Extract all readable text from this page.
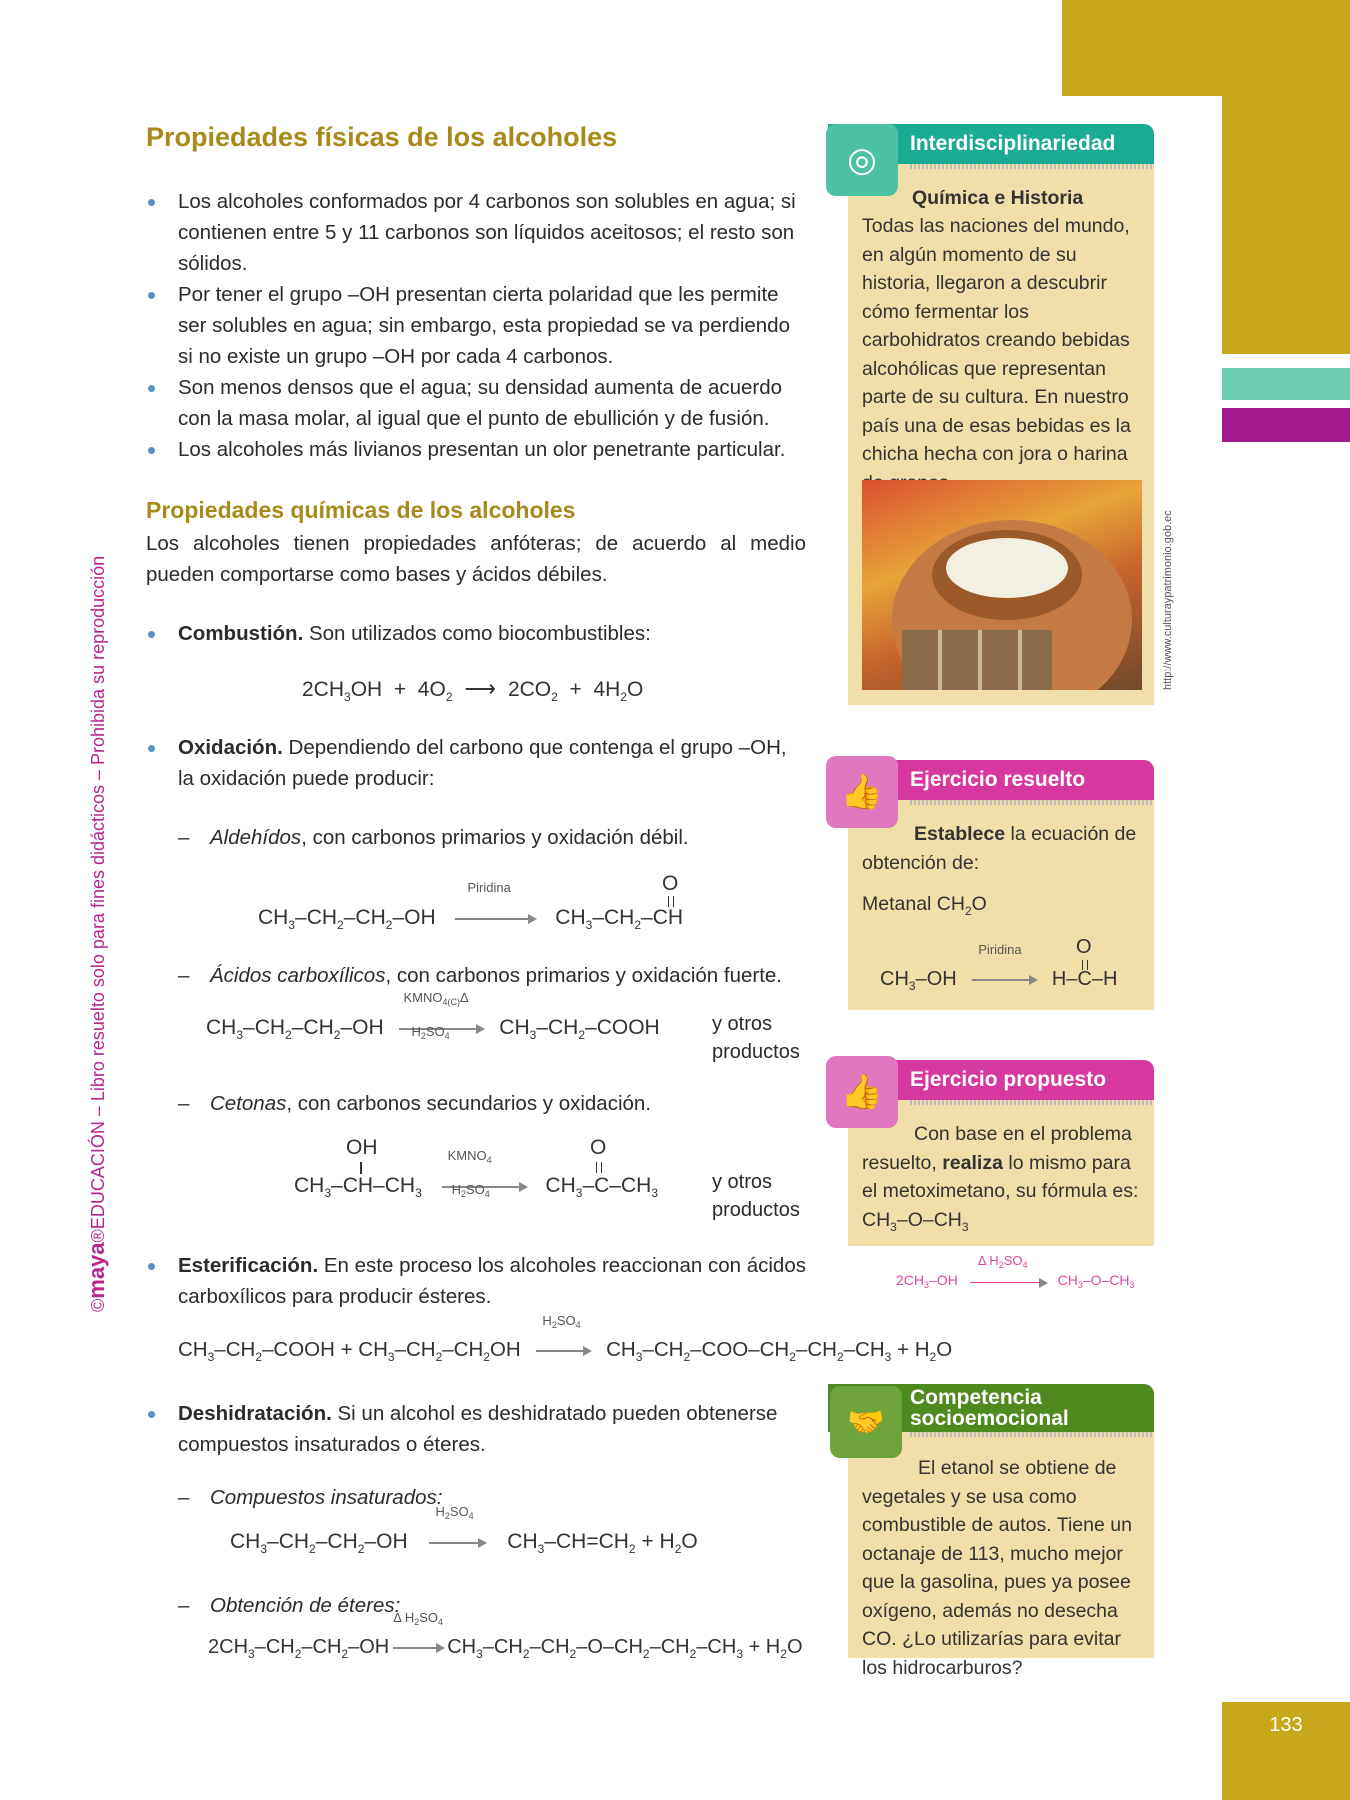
133
©maya®EDUCACIÓN – Libro resuelto solo para fines didácticos – Prohibida su reproducción
Propiedades físicas de los alcoholes
Los alcoholes conformados por 4 carbonos son solubles en agua; si contienen entre 5 y 11 carbonos son líquidos aceitosos; el resto son sólidos.
Por tener el grupo –OH presentan cierta polaridad que les permite ser solubles en agua; sin embargo, esta propiedad se va perdiendo si no existe un grupo –OH por cada 4 carbonos.
Son menos densos que el agua; su densidad aumenta de acuerdo con la masa molar, al igual que el punto de ebullición y de fusión.
Los alcoholes más livianos presentan un olor penetrante particular.
Propiedades químicas de los alcoholes

Los alcoholes tienen propiedades anfóteras; de acuerdo al medio pueden comportarse como bases y ácidos débiles.

Combustión. Son utilizados como biocombustibles:
$2CH_3OH + 4O_2$  ⟶  $2CO_2 + 4H_2O$
Oxidación. Dependiendo del carbono que contenga el grupo –OH, la oxidación puede producir:
– Aldehídos, con carbonos primarios y oxidación débil.
$CH_3-CH_2-CH_2-OH$
Piridina
$CH_3-CH_2-CH$
O
– Ácidos carboxílicos, con carbonos primarios y oxidación fuerte.
$CH_3-CH_2-CH_2-OH$
$KMNO_{4(C)}\Delta$
$H_2SO_4$ $CH_3-CH_2$–COOH	y otros productos
– Cetonas, con carbonos secundarios y oxidación.
OH
$CH_3-CH-CH_3$
$KMNO_4$
$H_2SO_4$ $CH_3-C-CH_3$
O
y otros productos
Esterificación. En este proceso los alcoholes reaccionan con ácidos carboxílicos para producir ésteres.
$CH_3-CH_2$–COOH + $CH_3-CH_2-CH_2OH$
$H_2SO_4$
$CH_3-CH_2-COO-CH_2-CH_2-CH_3 + H_2O$
Deshidratación. Si un alcohol es deshidratado pueden obtenerse compuestos insaturados o éteres.
– Compuestos insaturados:
$CH_3-CH_2-CH_2-OH$
$H_2SO_4$
$CH_3-CH=CH_2 + H_2O$
– Obtención de éteres:
$2CH_3-CH_2-CH_2-OH$
Δ $H_2SO_4$
$CH_3-CH_2-CH_2-O-CH_2-CH_2-CH_3 + H_2O$
Interdisciplinariedad
◎
Química e Historia
Todas las naciones del mundo, en algún momento de su historia, llegaron a descubrir cómo fermentar los carbohidratos creando bebidas alcohólicas que representan parte de su cultura. En nuestro país una de esas bebidas es la chicha hecha con jora o harina
http://www.culturaypatrimonio.gob.ec
Ejercicio resuelto
👍
Establece la ecuación de obtención de:
Metanal $CH_2O$
$CH_3-OH$
Piridina
H–C–H
O
Ejercicio propuesto
👍
Con base en el problema resuelto, realiza lo mismo para el metoximetano, su fórmula es:
$CH_3-O-CH_3$
$2CH_3-OH$
Δ $H_2SO_4$
$CH_3-O-CH_3$
Competencia
socioemocional
🤝
El etanol se obtiene de vegetales y se usa como combustible de autos. Tiene un octanaje de 113, mucho mejor que la gasolina, pues ya posee oxígeno, además no desecha CO. ¿Lo utilizarías para evitar los hidrocarburos?
